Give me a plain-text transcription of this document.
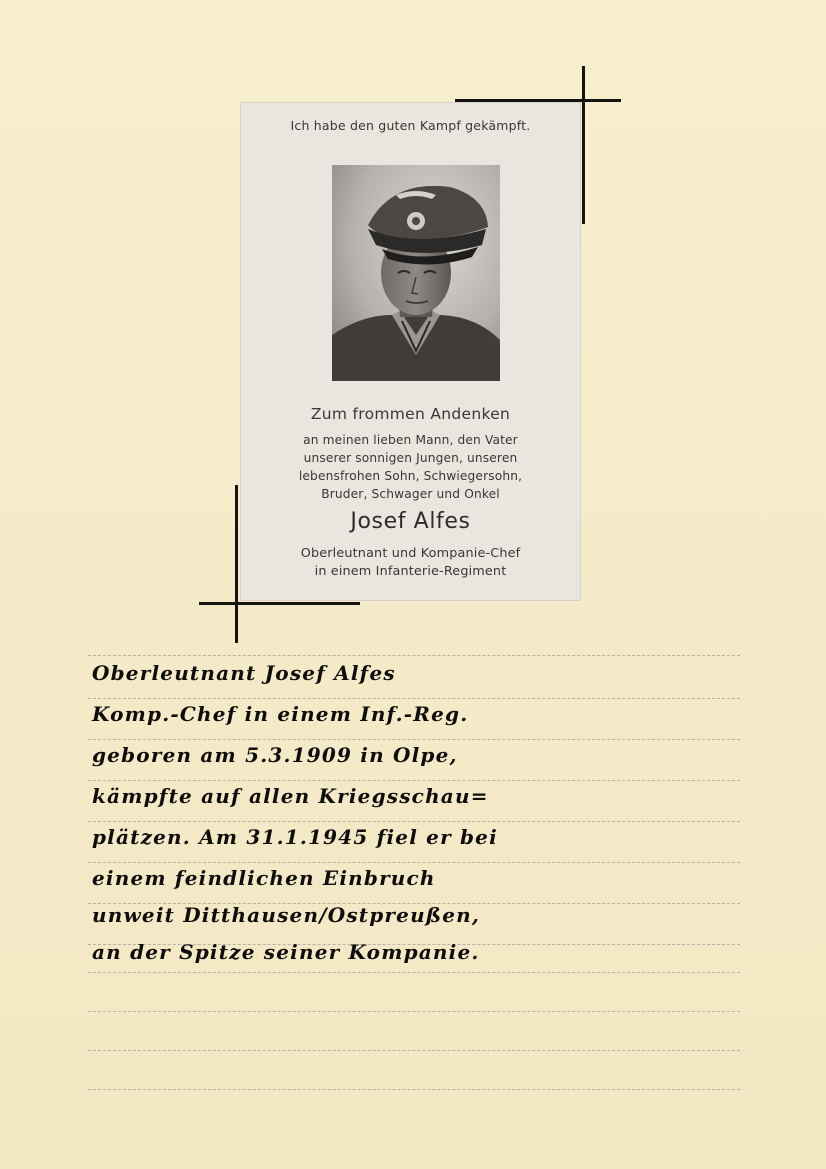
Ich habe den guten Kampf gekämpft.
Zum frommen Andenken
an meinen lieben Mann, den Vater
unserer sonnigen Jungen, unseren
lebensfrohen Sohn, Schwiegersohn,
Bruder, Schwager und Onkel
Josef Alfes
Oberleutnant und Kompanie-Chef
in einem Infanterie-Regiment
Oberleutnant Josef Alfes
Komp.-Chef in einem Inf.-Reg.
geboren am 5.3.1909 in Olpe,
kämpfte auf allen Kriegsschau=
plätzen. Am 31.1.1945 fiel er bei
einem feindlichen Einbruch
unweit Ditthausen/Ostpreußen,
an der Spitze seiner Kompanie.
